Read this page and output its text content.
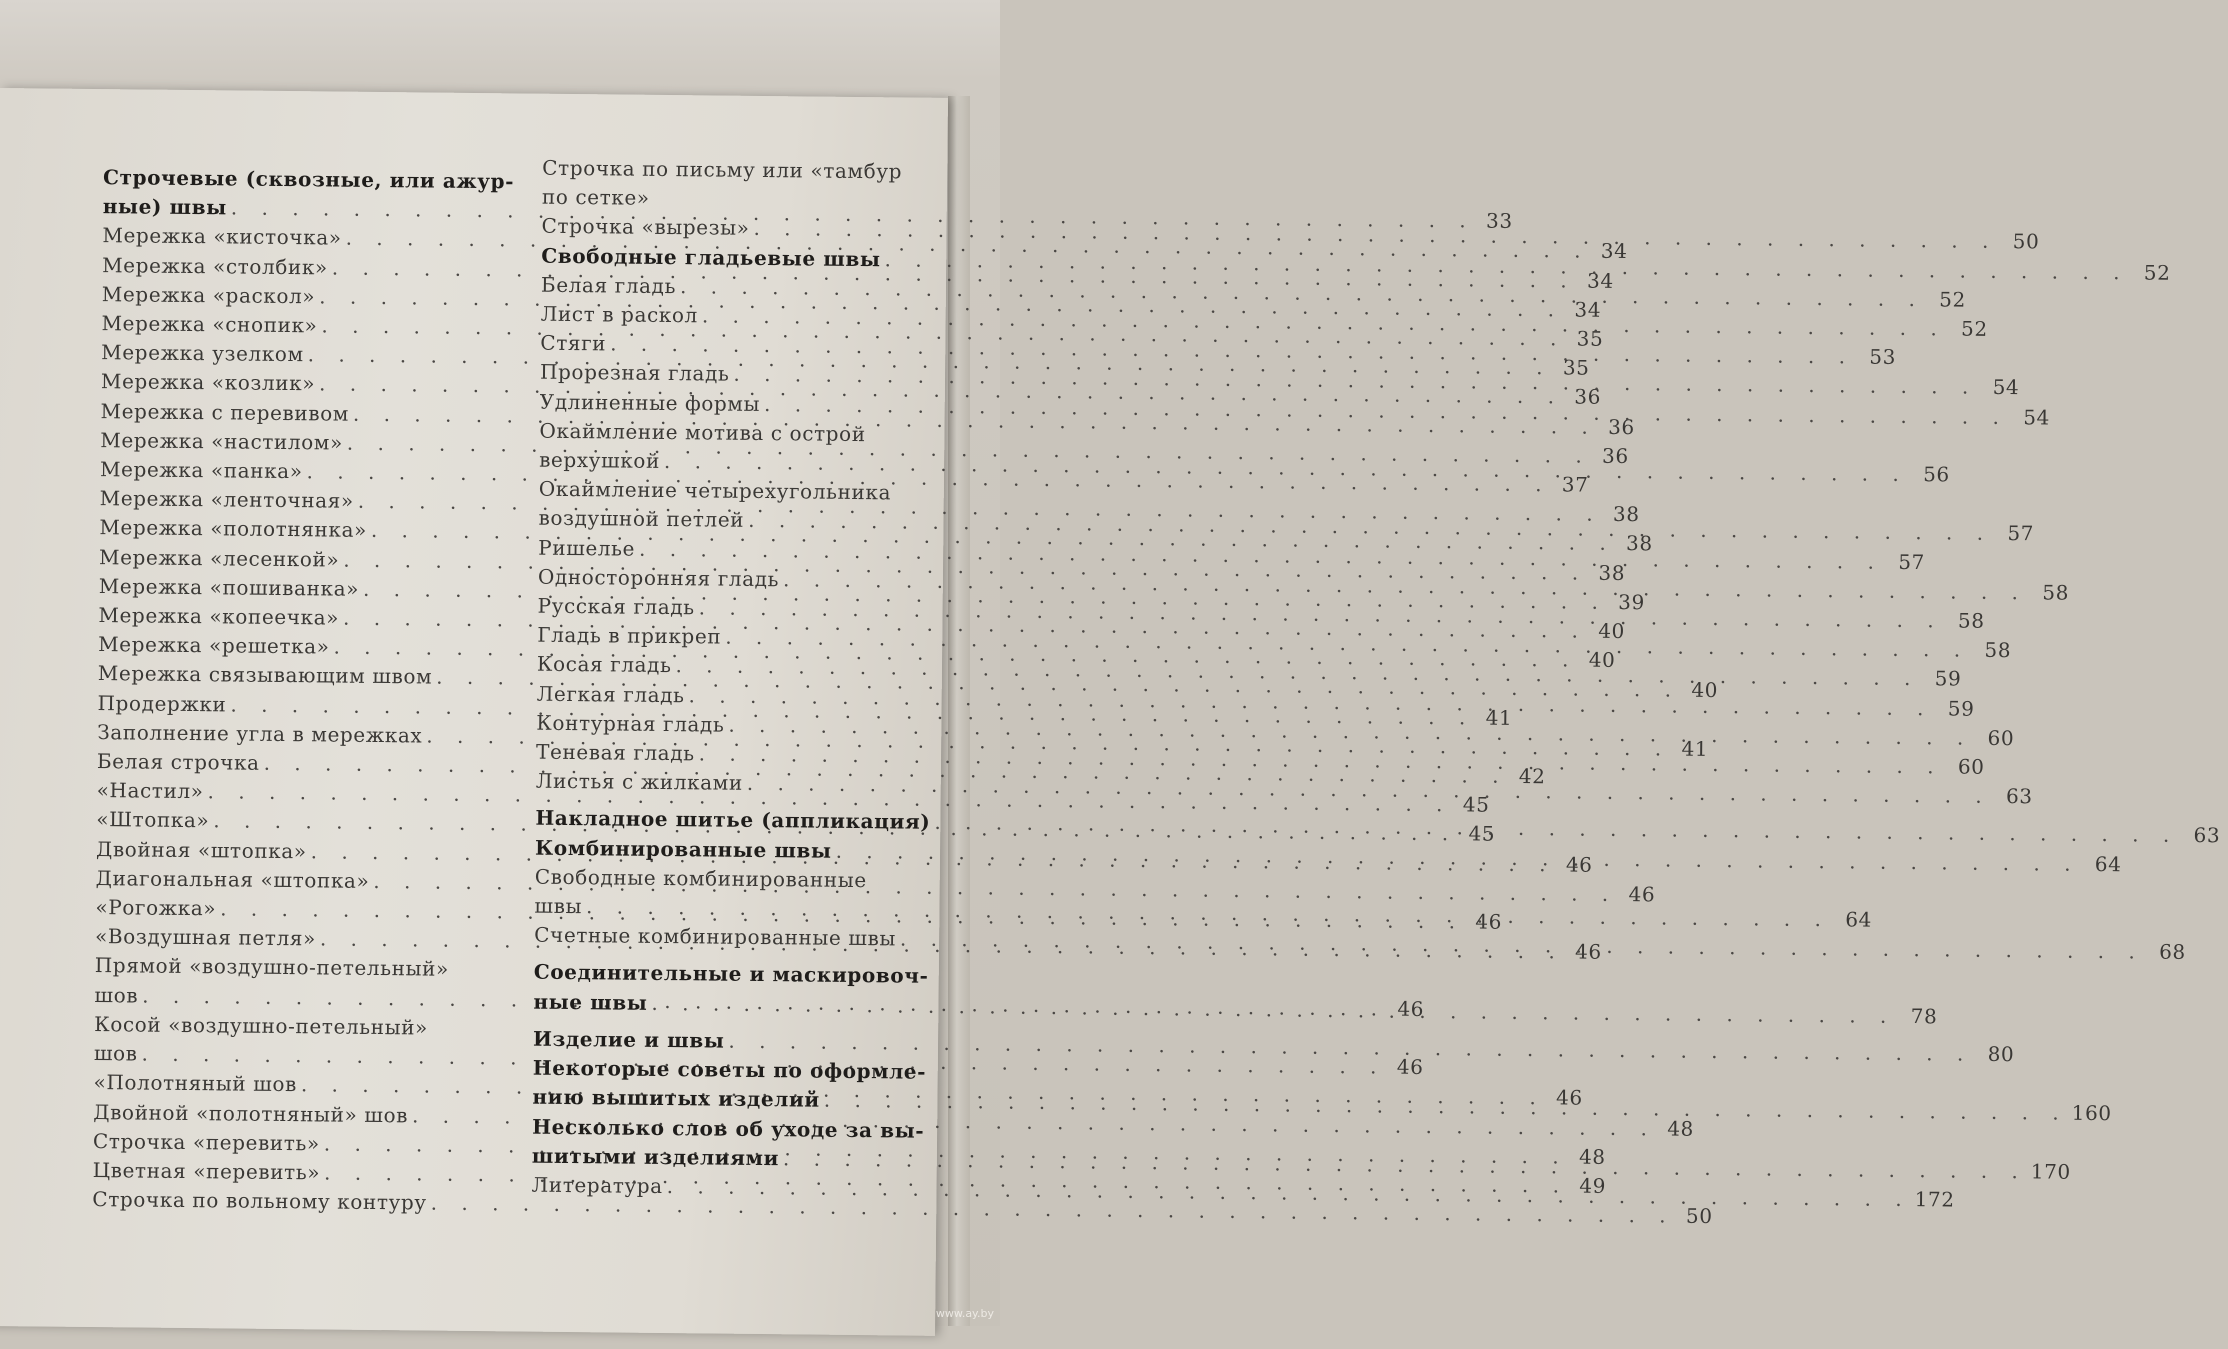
Строчевые (сквозные, или ажур-
ные) швы
. . .
33
Мережка «кисточка»
. . .
34
Мережка «столбик»
. . .
34
Мережка «раскол»
. . .
34
Мережка «снопик»
. . .
35
Мережка узелком
. . .
35
Мережка «козлик»
. . .
36
Мережка с перевивом
. . .
36
Мережка «настилом»
. . .
36
Мережка «панка»
. . .
37
Мережка «ленточная»
. . .
38
Мережка «полотнянка»
. . .
38
Мережка «лесенкой»
. . .
38
Мережка «пошиванка»
. . .
39
Мережка «копеечка»
. . .
40
Мережка «решетка»
. . .
40
Мережка связывающим швом
. . .
40
Продержки
. . .
41
Заполнение угла в мережках
. . .
41
Белая строчка
. . .
42
«Настил»
. . .
45
«Штопка»
. . .
45
Двойная «штопка»
. . .
46
Диагональная «штопка»
. . .
46
«Рогожка»
. . .
46
«Воздушная петля»
. . .
46
Прямой «воздушно-петельный»
шов
. . .
46
Косой «воздушно-петельный»
шов
. . .
46
«Полотняный шов
. . .
46
Двойной «полотняный» шов
. . .
48
Строчка «перевить»
. . .
48
Цветная «перевить»
. . .
49
Строчка по вольному контуру
. . .
50
Строчка по письму или «тамбур
по сетке»
Строчка «вырезы»
. . .
50
Свободные гладьевые швы
. . .
52
Белая гладь
. . .
52
Лист в раскол
. . .
52
Стяги
. . .
53
Прорезная гладь
. . .
54
Удлиненные формы
. . .
54
Окаймление мотива с острой
верхушкой
. . .
56
Окаймление четырехугольника
воздушной петлей
. . .
57
Ришелье
. . .
57
Односторонняя гладь
. . .
58
Русская гладь
. . .
58
Гладь в прикреп
. . .
58
Косая гладь
. . .
59
Легкая гладь
. . .
59
Контурная гладь
. . .
60
Теневая гладь
. . .
60
Листья с жилками
. . .
63
Накладное шитье (аппликация)
. . .
63
Комбинированные швы
. . .
64
Свободные комбинированные
швы
. . .
64
Счетные комбинированные швы
. . .
68
Соединительные и маскировоч-
ные швы
. . .
78
Изделие и швы
. . .
80
Некоторые советы по оформле-
нию вышитых изделий
. . .
160
Несколько слов об уходе за вы-
шитыми изделиями
. . .
170
Литература
. . .
172
www.ay.by
